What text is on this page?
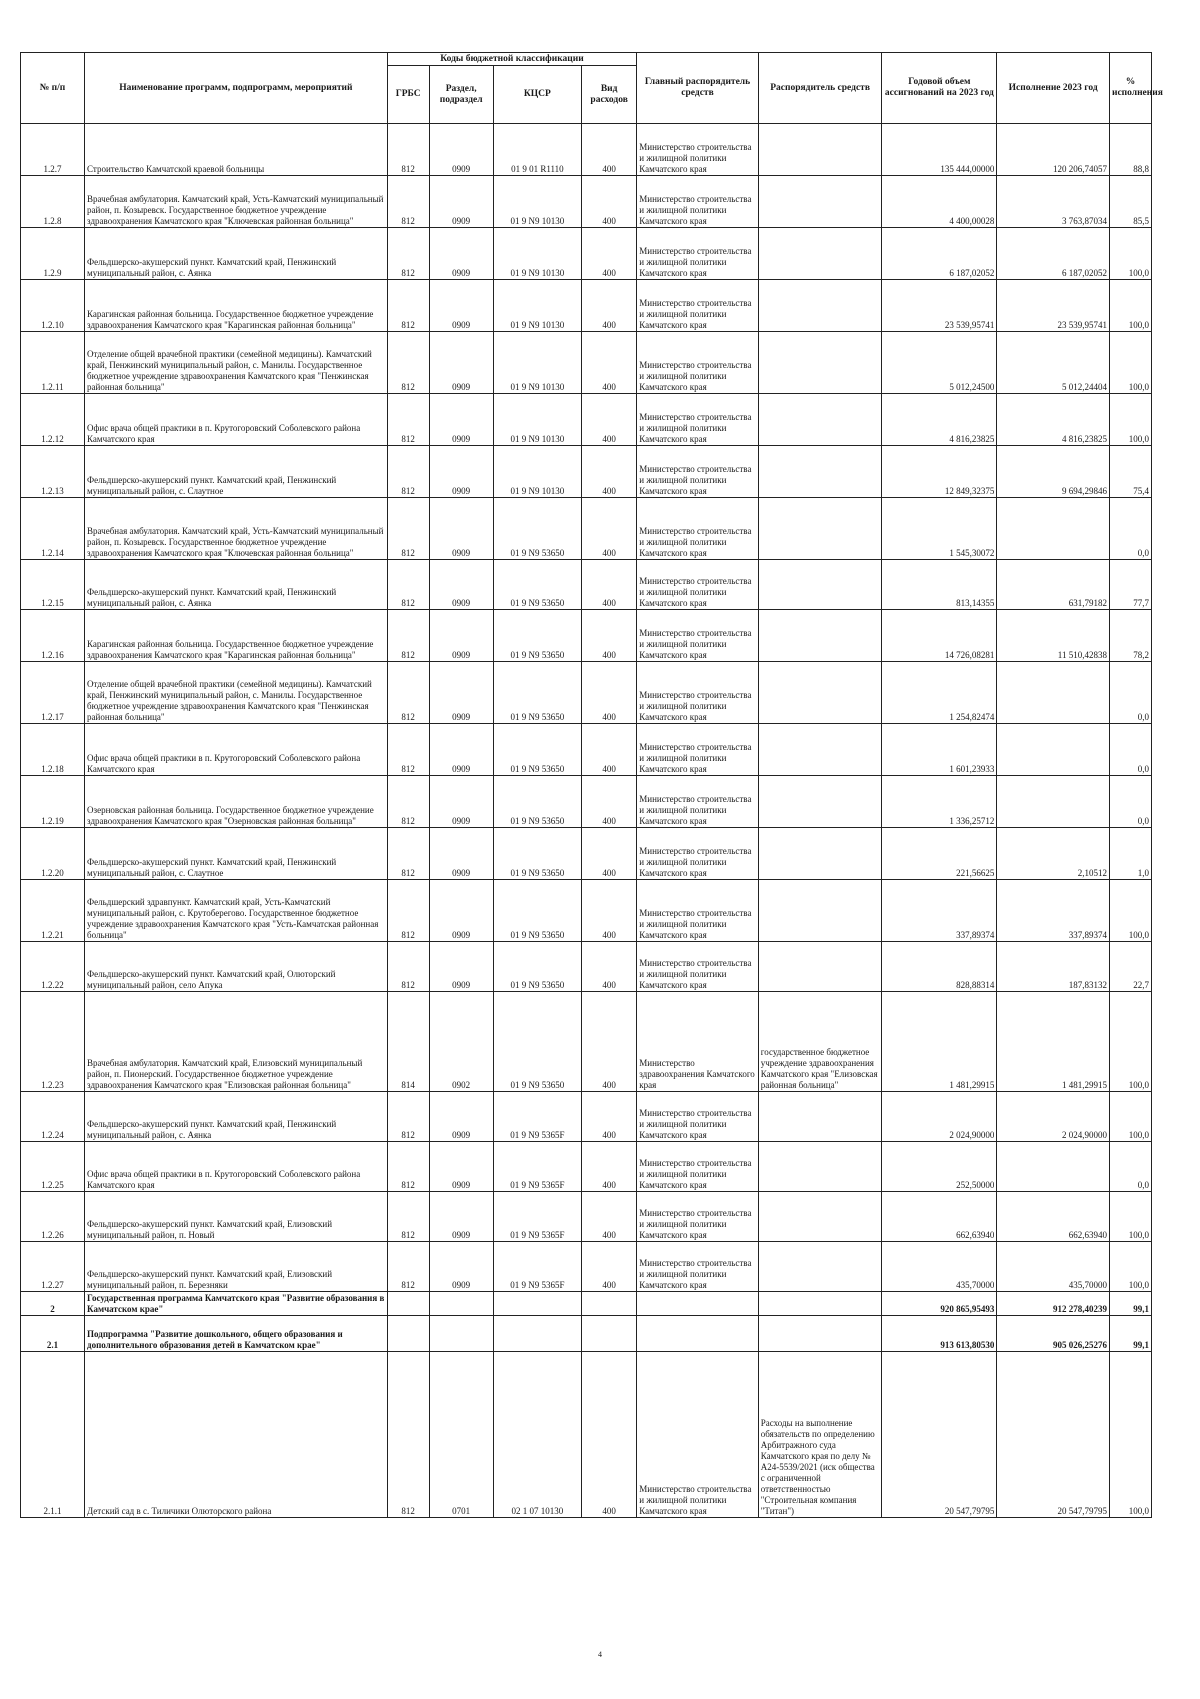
№ п/п	Наименование программ, подпрограмм, мероприятий	Коды бюджетной классификации				Главный распорядитель средств	Распорядитель средств	Годовой объем ассигнований на 2023 год	Исполнение 2023 год	% исполнения
		ГРБС	Раздел, подраздел	КЦСР	Вид расходов					
1.2.7	Строительство Камчатской краевой больницы	812	0909	01 9 01 R1110	400	Министерство строительства и жилищной политики Камчатского края		135 444,00000	120 206,74057	88,8
1.2.8	Врачебная амбулатория. Камчатский край, Усть-Камчатский муниципальный район, п. Козыревск. Государственное бюджетное учреждение здравоохранения Камчатского края "Ключевская районная больница"	812	0909	01 9 N9 10130	400	Министерство строительства и жилищной политики Камчатского края		4 400,00028	3 763,87034	85,5
1.2.9	Фельдшерско-акушерский пункт. Камчатский край, Пенжинский муниципальный район, с. Аянка	812	0909	01 9 N9 10130	400	Министерство строительства и жилищной политики Камчатского края		6 187,02052	6 187,02052	100,0
1.2.10	Карагинская районная больница. Государственное бюджетное учреждение здравоохранения Камчатского края "Карагинская районная больница"	812	0909	01 9 N9 10130	400	Министерство строительства и жилищной политики Камчатского края		23 539,95741	23 539,95741	100,0
1.2.11	Отделение общей врачебной практики (семейной медицины). Камчатский край, Пенжинский муниципальный район, с. Манилы. Государственное бюджетное учреждение здравоохранения Камчатского края "Пенжинская районная больница"	812	0909	01 9 N9 10130	400	Министерство строительства и жилищной политики Камчатского края		5 012,24500	5 012,24404	100,0
1.2.12	Офис врача общей практики в п. Крутогоровский Соболевского района Камчатского края	812	0909	01 9 N9 10130	400	Министерство строительства и жилищной политики Камчатского края		4 816,23825	4 816,23825	100,0
1.2.13	Фельдшерско-акушерский пункт. Камчатский край, Пенжинский муниципальный район, с. Слаутное	812	0909	01 9 N9 10130	400	Министерство строительства и жилищной политики Камчатского края		12 849,32375	9 694,29846	75,4
1.2.14	Врачебная амбулатория. Камчатский край, Усть-Камчатский муниципальный район, п. Козыревск. Государственное бюджетное учреждение здравоохранения Камчатского края "Ключевская районная больница"	812	0909	01 9 N9 53650	400	Министерство строительства и жилищной политики Камчатского края		1 545,30072		0,0
1.2.15	Фельдшерско-акушерский пункт. Камчатский край, Пенжинский муниципальный район, с. Аянка	812	0909	01 9 N9 53650	400	Министерство строительства и жилищной политики Камчатского края		813,14355	631,79182	77,7
1.2.16	Карагинская районная больница. Государственное бюджетное учреждение здравоохранения Камчатского края "Карагинская районная больница"	812	0909	01 9 N9 53650	400	Министерство строительства и жилищной политики Камчатского края		14 726,08281	11 510,42838	78,2
1.2.17	Отделение общей врачебной практики (семейной медицины). Камчатский край, Пенжинский муниципальный район, с. Манилы. Государственное бюджетное учреждение здравоохранения Камчатского края "Пенжинская районная больница"	812	0909	01 9 N9 53650	400	Министерство строительства и жилищной политики Камчатского края		1 254,82474		0,0
1.2.18	Офис врача общей практики в п. Крутогоровский Соболевского района Камчатского края	812	0909	01 9 N9 53650	400	Министерство строительства и жилищной политики Камчатского края		1 601,23933		0,0
1.2.19	Озерновская районная больница. Государственное бюджетное учреждение здравоохранения Камчатского края "Озерновская районная больница"	812	0909	01 9 N9 53650	400	Министерство строительства и жилищной политики Камчатского края		1 336,25712		0,0
1.2.20	Фельдшерско-акушерский пункт. Камчатский край, Пенжинский муниципальный район, с. Слаутное	812	0909	01 9 N9 53650	400	Министерство строительства и жилищной политики Камчатского края		221,56625	2,10512	1,0
1.2.21	Фельдшерский здравпункт. Камчатский край, Усть-Камчатский муниципальный район, с. Крутоберегово. Государственное бюджетное учреждение здравоохранения Камчатского края "Усть-Камчатская районная больница"	812	0909	01 9 N9 53650	400	Министерство строительства и жилищной политики Камчатского края		337,89374	337,89374	100,0
1.2.22	Фельдшерско-акушерский пункт. Камчатский край, Олюторский муниципальный район, село Апука	812	0909	01 9 N9 53650	400	Министерство строительства и жилищной политики Камчатского края		828,88314	187,83132	22,7
1.2.23	Врачебная амбулатория. Камчатский край, Елизовский муниципальный район, п. Пионерский. Государственное бюджетное учреждение здравоохранения Камчатского края "Елизовская районная больница"	814	0902	01 9 N9 53650	400	Министерство здравоохранения Камчатского края	государственное бюджетное учреждение здравоохранения Камчатского края "Елизовская районная больница"	1 481,29915	1 481,29915	100,0
1.2.24	Фельдшерско-акушерский пункт. Камчатский край, Пенжинский муниципальный район, с. Аянка	812	0909	01 9 N9 5365F	400	Министерство строительства и жилищной политики Камчатского края		2 024,90000	2 024,90000	100,0
1.2.25	Офис врача общей практики в п. Крутогоровский Соболевского района Камчатского края	812	0909	01 9 N9 5365F	400	Министерство строительства и жилищной политики Камчатского края		252,50000		0,0
1.2.26	Фельдшерско-акушерский пункт. Камчатский край, Елизовский муниципальный район, п. Новый	812	0909	01 9 N9 5365F	400	Министерство строительства и жилищной политики Камчатского края		662,63940	662,63940	100,0
1.2.27	Фельдшерско-акушерский пункт. Камчатский край, Елизовский муниципальный район, п. Березняки	812	0909	01 9 N9 5365F	400	Министерство строительства и жилищной политики Камчатского края		435,70000	435,70000	100,0
2	Государственная программа Камчатского края "Развитие образования в Камчатском крае"							920 865,95493	912 278,40239	99,1
2.1	Подпрограмма "Развитие дошкольного, общего образования и дополнительного образования детей в Камчатском крае"							913 613,80530	905 026,25276	99,1
2.1.1	Детский сад в с. Тиличики Олюторского района	812	0701	02 1 07 10130	400	Министерство строительства и жилищной политики Камчатского края	Расходы на выполнение обязательств по определению Арбитражного суда Камчатского края по делу № А24-5539/2021 (иск общества с ограниченной ответственностью "Строительная компания "Титан")	20 547,79795	20 547,79795	100,0
4
